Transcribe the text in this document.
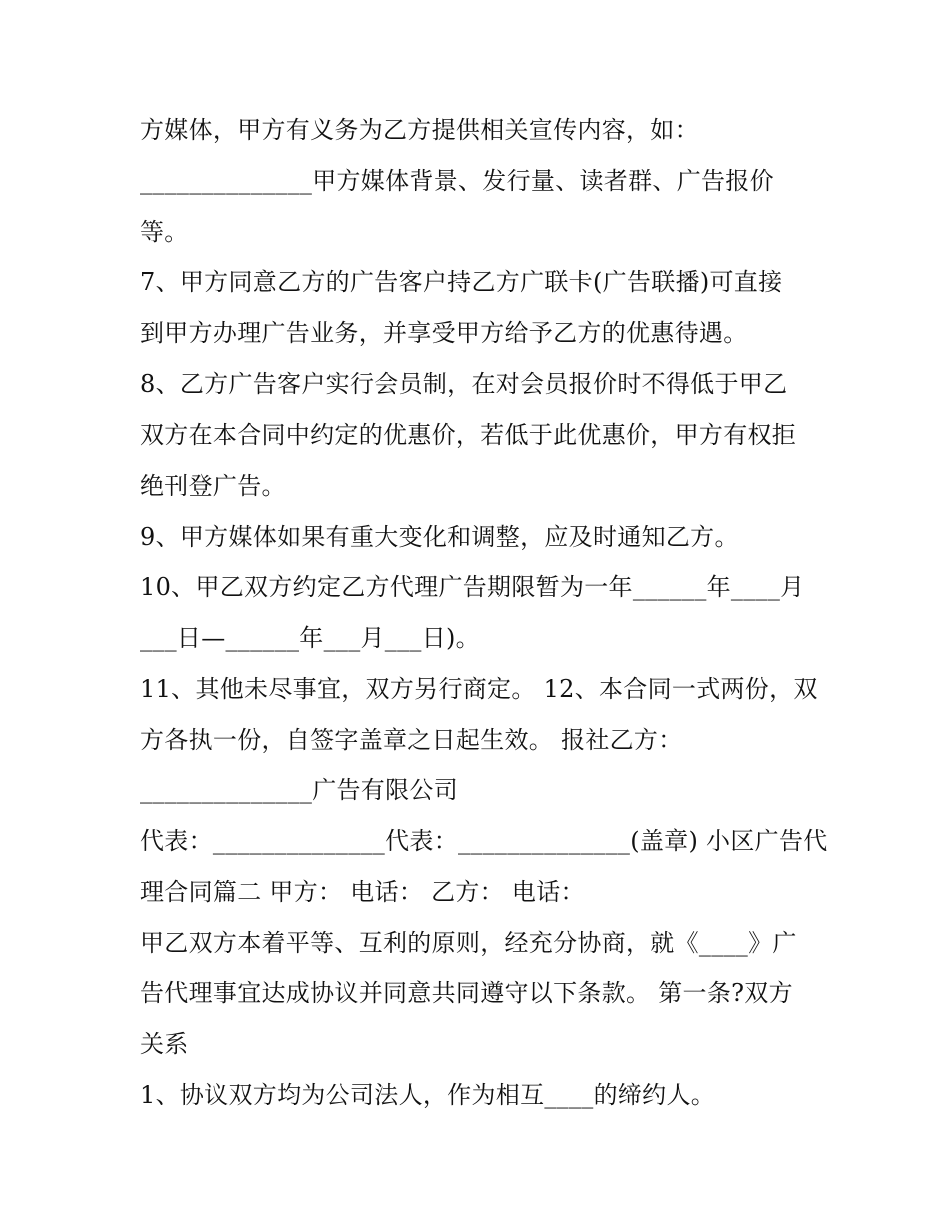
方媒体，甲方有义务为乙方提供相关宣传内容，如：
______________甲方媒体背景、发行量、读者群、广告报价
等。
7、甲方同意乙方的广告客户持乙方广联卡(广告联播)可直接
到甲方办理广告业务，并享受甲方给予乙方的优惠待遇。
8、乙方广告客户实行会员制，在对会员报价时不得低于甲乙
双方在本合同中约定的优惠价，若低于此优惠价，甲方有权拒
绝刊登广告。
9、甲方媒体如果有重大变化和调整，应及时通知乙方。
10、甲乙双方约定乙方代理广告期限暂为一年______年____月
___日—______年___月___日)。
11、其他未尽事宜，双方另行商定。 12、本合同一式两份，双
方各执一份，自签字盖章之日起生效。 报社乙方：
______________广告有限公司
代表：______________代表：______________(盖章) 小区广告代
理合同篇二 甲方： 电话： 乙方： 电话：
甲乙双方本着平等、互利的原则，经充分协商，就《____》广
告代理事宜达成协议并同意共同遵守以下条款。 第一条?双方
关系
1、协议双方均为公司法人，作为相互____的缔约人。
